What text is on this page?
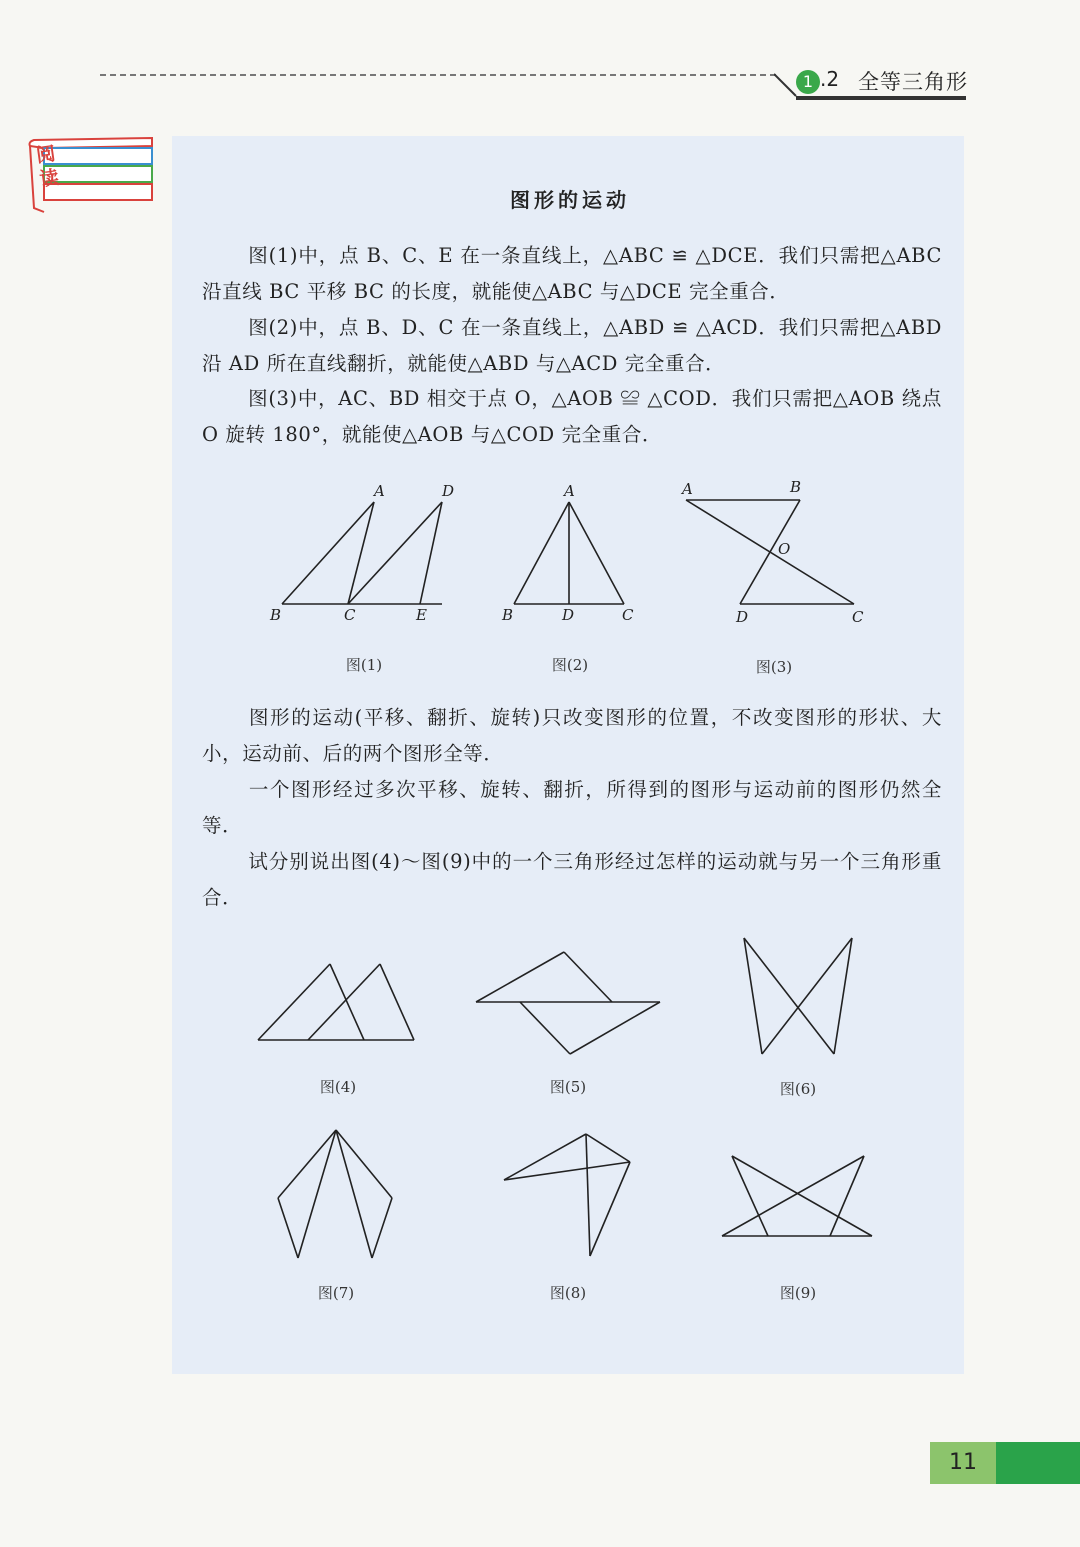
1 .2 全等三角形
阅
读
图形的运动

图(1)中，点 B、C、E 在一条直线上，△ABC ≌ △DCE．我们只需把△ABC 沿直线 BC 平移 BC 的长度，就能使△ABC 与△DCE 完全重合．

图(2)中，点 B、D、C 在一条直线上，△ABD ≌ △ACD．我们只需把△ABD 沿 AD 所在直线翻折，就能使△ABD 与△ACD 完全重合．

图(3)中，AC、BD 相交于点 O，△AOB ≌ △COD．我们只需把△AOB 绕点 O 旋转 180°，就能使△AOB 与△COD 完全重合．

A	D
B	C	E
图(1)
A
B	D	C
图(2)
A	B
O
D	C
图(3)

图形的运动(平移、翻折、旋转)只改变图形的位置，不改变图形的形状、大小，运动前、后的两个图形全等．

一个图形经过多次平移、旋转、翻折，所得到的图形与运动前的图形仍然全等．

试分别说出图(4)～图(9)中的一个三角形经过怎样的运动就与另一个三角形重合．

图(4)	图(5)	图(6)
图(7)	图(8)	图(9)
11
